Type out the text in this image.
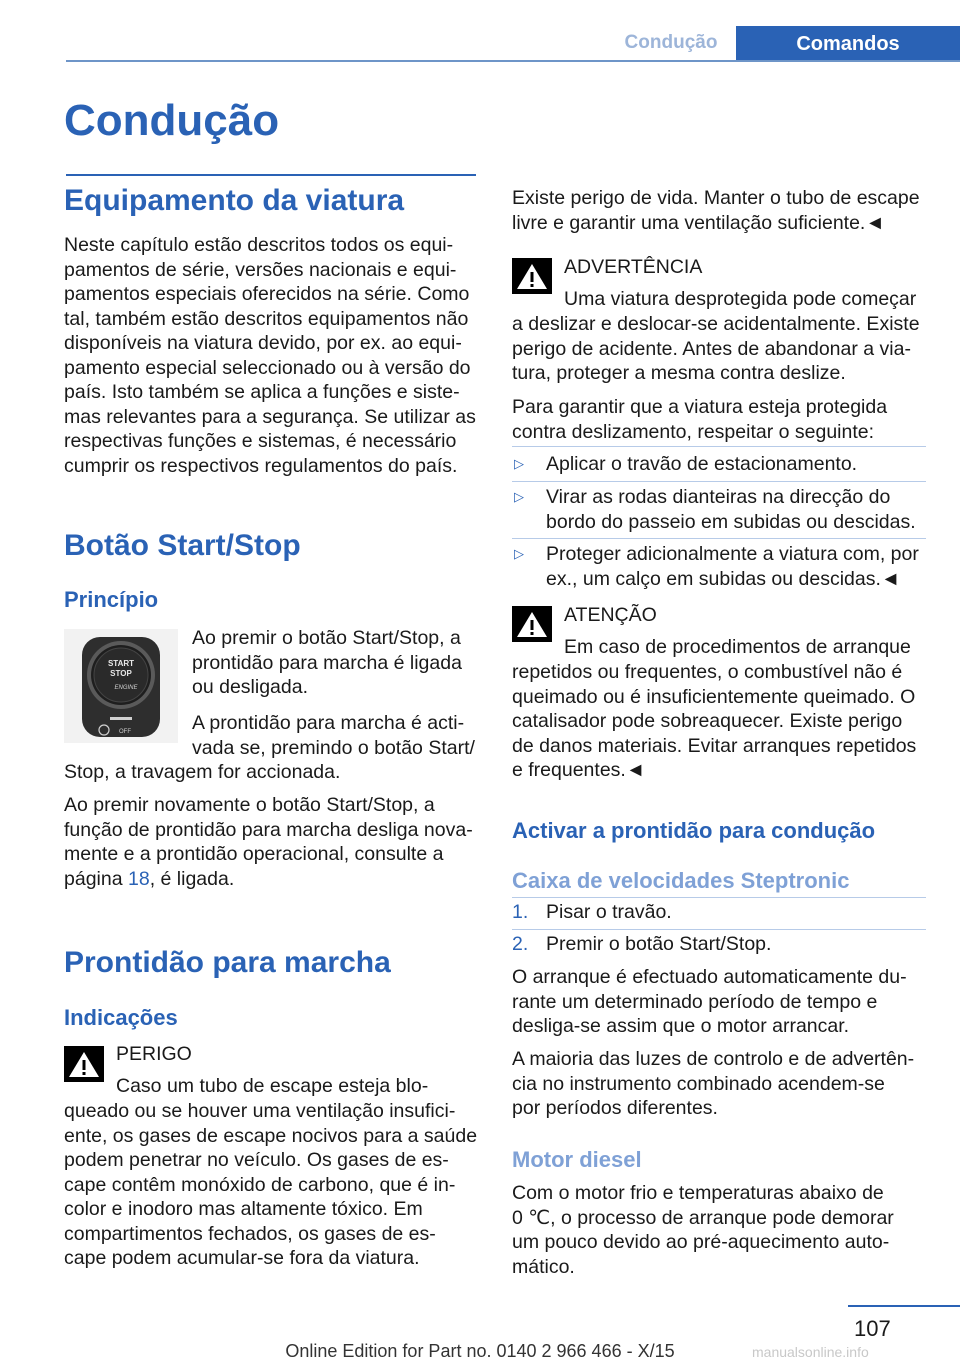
Condução	Comandos
Condução
Equipamento da viatura
Neste capítulo estão descritos todos os equi-
pamentos de série, versões nacionais e equi-
pamentos especiais oferecidos na série. Como
tal, também estão descritos equipamentos não
disponíveis na viatura devido, por ex. ao equi-
pamento especial seleccionado ou à versão do
país. Isto também se aplica a funções e siste-
mas relevantes para a segurança. Se utilizar as
respectivas funções e sistemas, é necessário
cumprir os respectivos regulamentos do país.
Botão Start/Stop
Princípio
START
STOP
ENGINE
OFF
Ao premir o botão Start/Stop, a
prontidão para marcha é ligada
ou desligada.
A prontidão para marcha é acti-
vada se, premindo o botão Start/
Stop, a travagem for accionada.
Ao premir novamente o botão Start/Stop, a
função de prontidão para marcha desliga nova-
mente e a prontidão operacional, consulte a
página 18, é ligada.
Prontidão para marcha
Indicações
PERIGO
Caso um tubo de escape esteja blo-
queado ou se houver uma ventilação insufici-
ente, os gases de escape nocivos para a saúde
podem penetrar no veículo. Os gases de es-
cape contêm monóxido de carbono, que é in-
color e inodoro mas altamente tóxico. Em
compartimentos fechados, os gases de es-
cape podem acumular-se fora da viatura.
Existe perigo de vida. Manter o tubo de escape
livre e garantir uma ventilação suficiente.◄
ADVERTÊNCIA
Uma viatura desprotegida pode começar
a deslizar e deslocar-se acidentalmente. Existe
perigo de acidente. Antes de abandonar a via-
tura, proteger a mesma contra deslize.
Para garantir que a viatura esteja protegida
contra deslizamento, respeitar o seguinte:
▷ Aplicar o travão de estacionamento.
▷ Virar as rodas dianteiras na direcção do
bordo do passeio em subidas ou descidas.
▷ Proteger adicionalmente a viatura com, por
ex., um calço em subidas ou descidas.◄
ATENÇÃO
Em caso de procedimentos de arranque
repetidos ou frequentes, o combustível não é
queimado ou é insuficientemente queimado. O
catalisador pode sobreaquecer. Existe perigo
de danos materiais. Evitar arranques repetidos
e frequentes.◄
Activar a prontidão para condução
Caixa de velocidades Steptronic
1. Pisar o travão.
2. Premir o botão Start/Stop.
O arranque é efectuado automaticamente du-
rante um determinado período de tempo e
desliga-se assim que o motor arrancar.
A maioria das luzes de controlo e de advertên-
cia no instrumento combinado acendem-se
por períodos diferentes.
Motor diesel
Com o motor frio e temperaturas abaixo de
0 ℃, o processo de arranque pode demorar
um pouco devido ao pré-aquecimento auto-
mático.
107
Online Edition for Part no. 0140 2 966 466 - X/15	manualsonline.info
